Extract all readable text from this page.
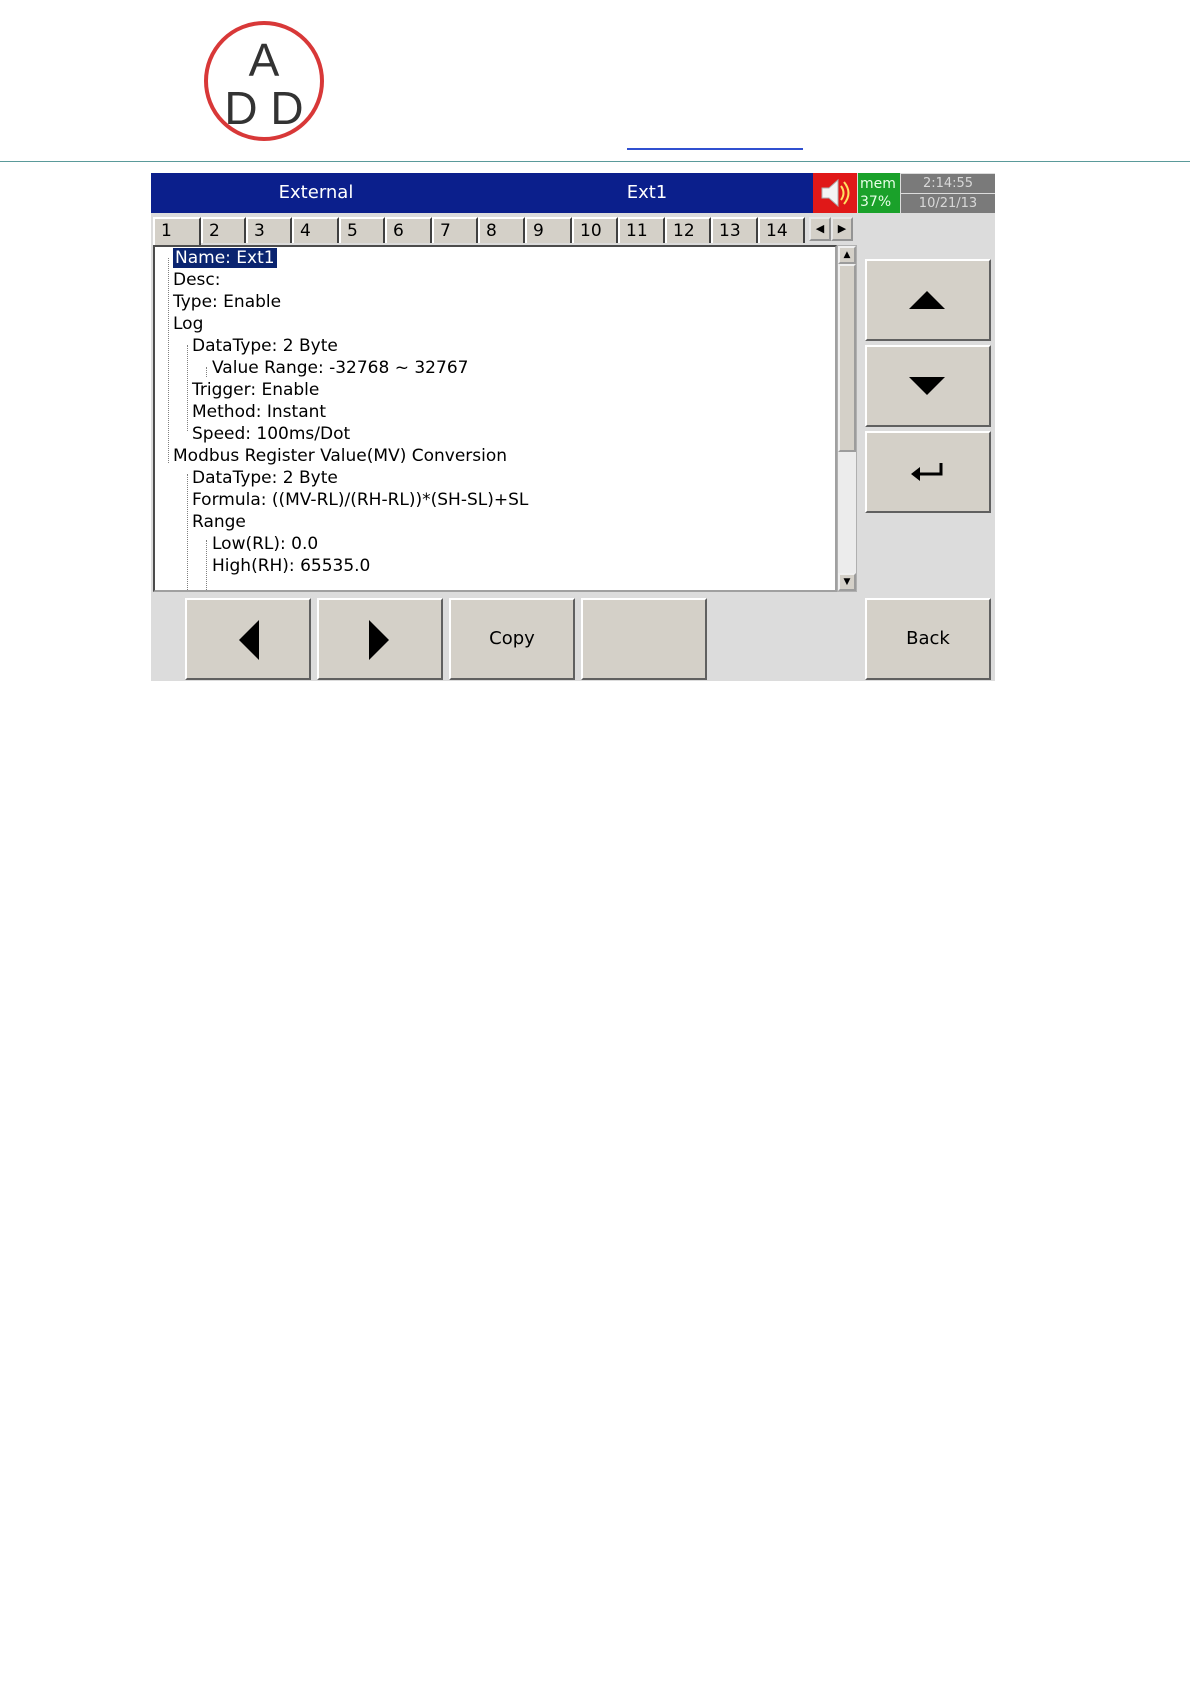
A
D D
External	Ext1	mem
37%
2:14:55
10/21/13
1	2	3	4	5	6	7	8	9	10	11	12	13	14	◀	▶
Name: Ext1
Desc:
Type: Enable
Log
DataType: 2 Byte
Value Range: -32768 ~ 32767
Trigger: Enable
Method: Instant
Speed: 100ms/Dot
Modbus Register Value(MV) Conversion
DataType: 2 Byte
Formula: ((MV-RL)/(RH-RL))*(SH-SL)+SL
Range
Low(RL): 0.0
High(RH): 65535.0
▲
▼
Copy	Back
